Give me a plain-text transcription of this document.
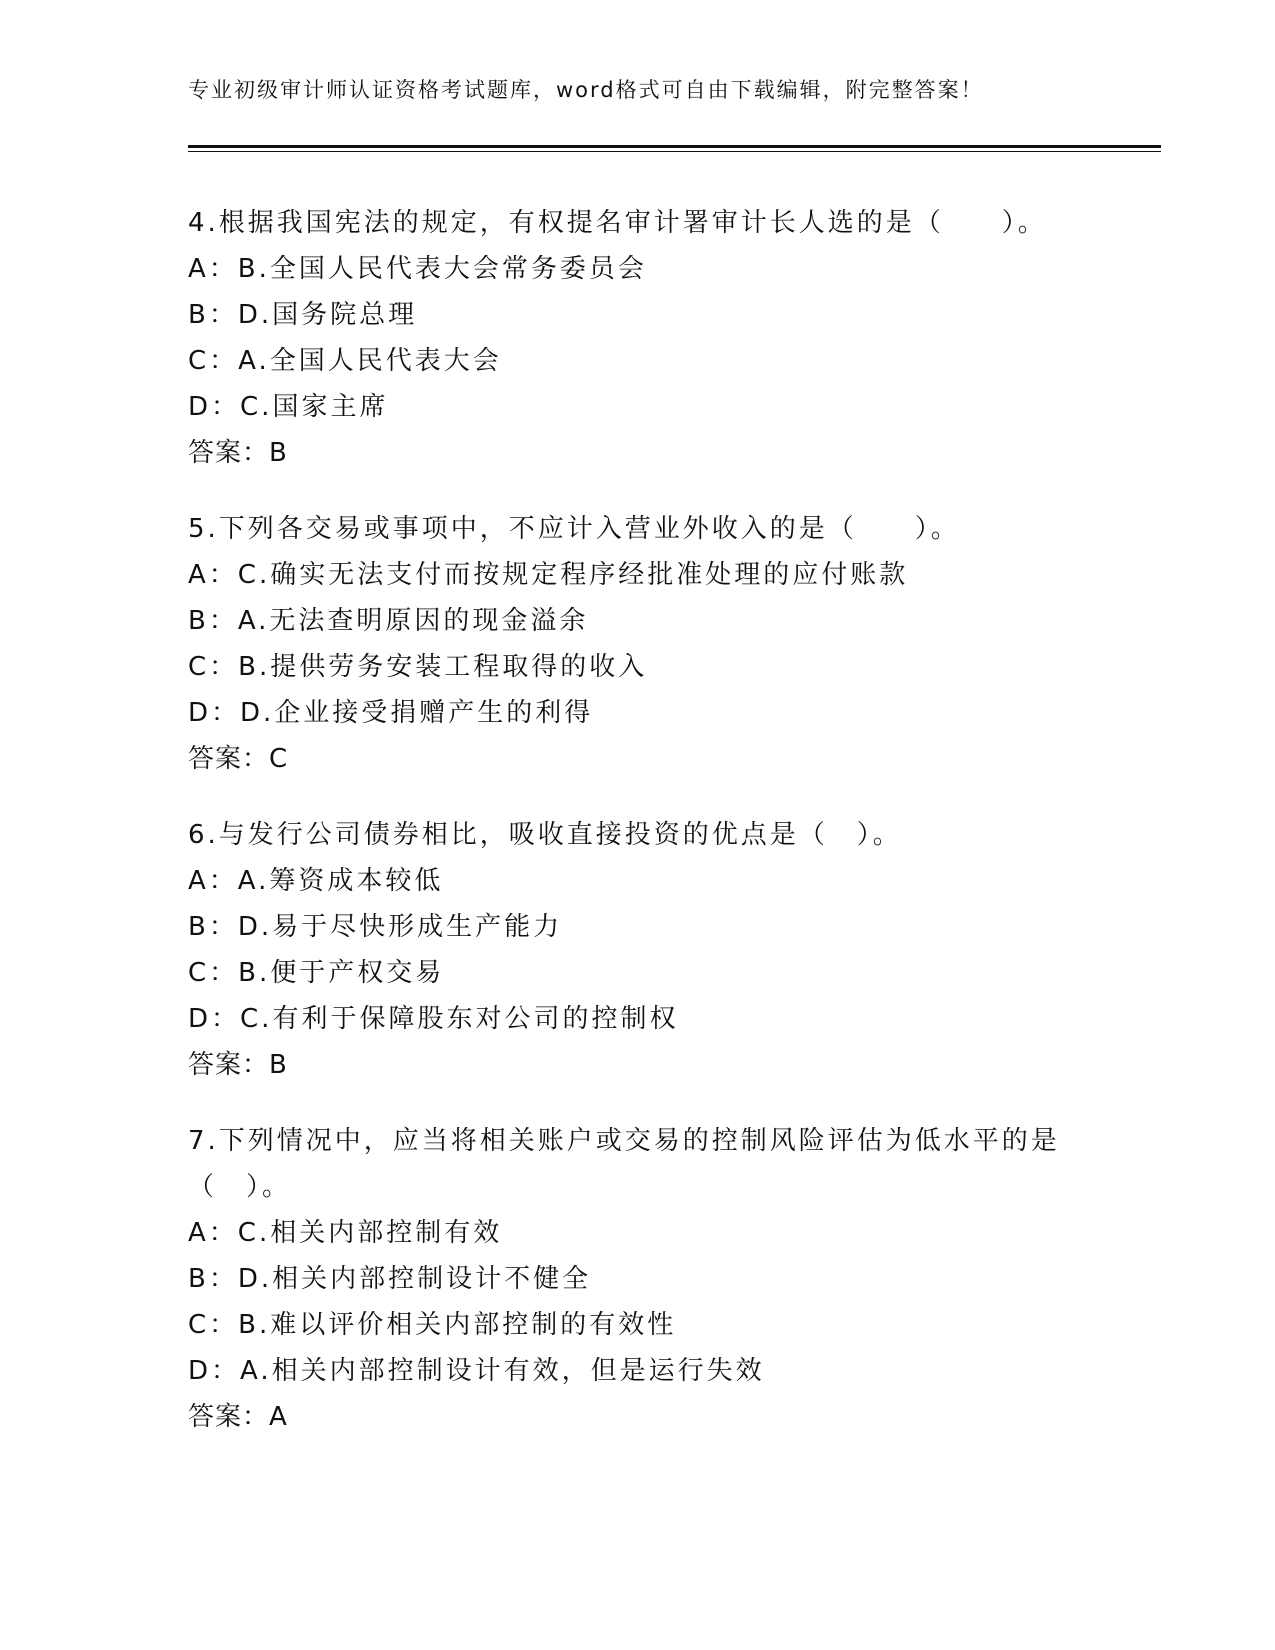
专业初级审计师认证资格考试题库，word格式可自由下载编辑，附完整答案！
4.根据我国宪法的规定，有权提名审计署审计长人选的是（　　）。
A：B.全国人民代表大会常务委员会
B：D.国务院总理
C：A.全国人民代表大会
D：C.国家主席
答案：B
5.下列各交易或事项中，不应计入营业外收入的是（　　）。
A：C.确实无法支付而按规定程序经批准处理的应付账款
B：A.无法查明原因的现金溢余
C：B.提供劳务安装工程取得的收入
D：D.企业接受捐赠产生的利得
答案：C
6.与发行公司债券相比，吸收直接投资的优点是（　）。
A：A.筹资成本较低
B：D.易于尽快形成生产能力
C：B.便于产权交易
D：C.有利于保障股东对公司的控制权
答案：B
7.下列情况中，应当将相关账户或交易的控制风险评估为低水平的是（　）。
A：C.相关内部控制有效
B：D.相关内部控制设计不健全
C：B.难以评价相关内部控制的有效性
D：A.相关内部控制设计有效，但是运行失效
答案：A
